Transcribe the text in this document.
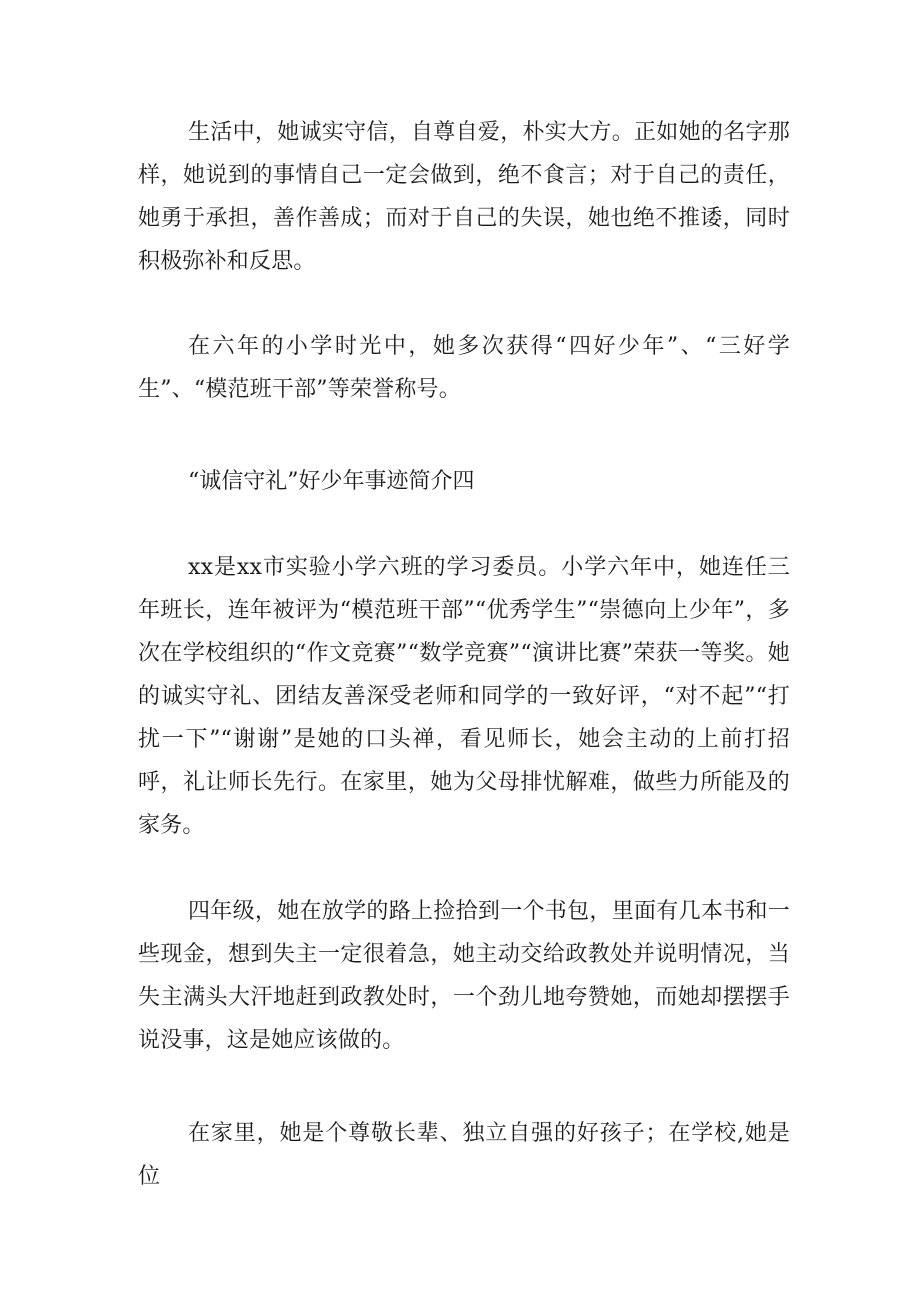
生活中，她诚实守信，自尊自爱，朴实大方。正如她的名字那样，她说到的事情自己一定会做到，绝不食言；对于自己的责任，她勇于承担，善作善成；而对于自己的失误，她也绝不推诿，同时积极弥补和反思。

在六年的小学时光中，她多次获得“四好少年”、“三好学生”、“模范班干部”等荣誉称号。

“诚信守礼”好少年事迹简介四

xx是xx市实验小学六班的学习委员。小学六年中，她连任三年班长，连年被评为“模范班干部”“优秀学生”“崇德向上少年”，多次在学校组织的“作文竞赛”“数学竞赛”“演讲比赛”荣获一等奖。她的诚实守礼、团结友善深受老师和同学的一致好评，“对不起”“打扰一下”“谢谢”是她的口头禅，看见师长，她会主动的上前打招呼，礼让师长先行。在家里，她为父母排忧解难，做些力所能及的家务。

四年级，她在放学的路上捡拾到一个书包，里面有几本书和一些现金，想到失主一定很着急，她主动交给政教处并说明情况，当失主满头大汗地赶到政教处时，一个劲儿地夸赞她，而她却摆摆手说没事，这是她应该做的。

在家里，她是个尊敬长辈、独立自强的好孩子；在学校,她是位
